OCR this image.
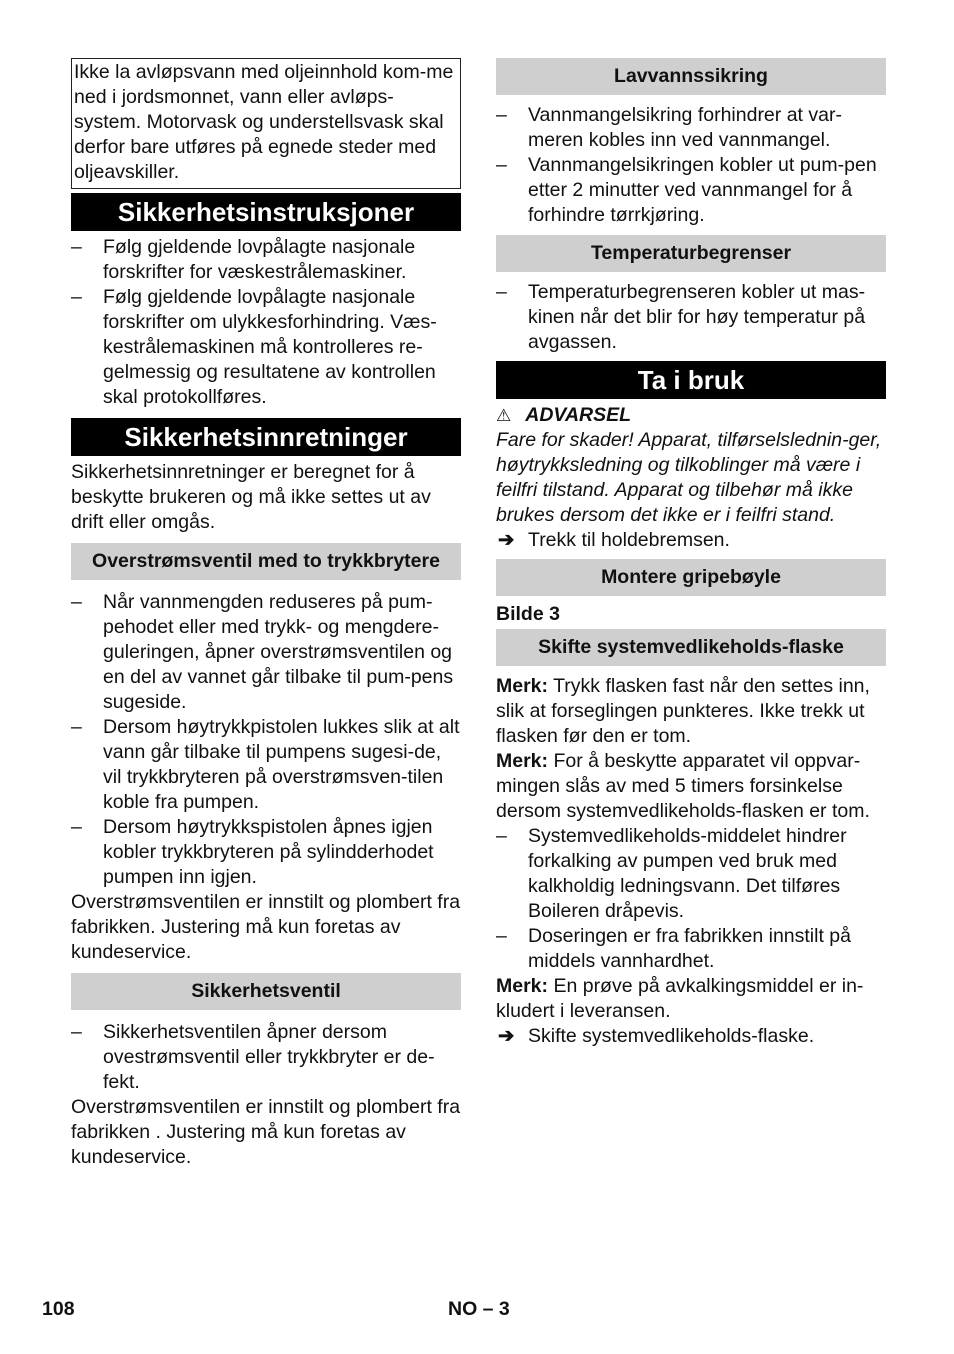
Ikke la avløpsvann med oljeinnhold kom-me ned i jordsmonnet, vann eller avløps-system. Motorvask og understellsvask skal derfor bare utføres på egnede steder med oljeavskiller.

Sikkerhetsinstruksjoner
– Følg gjeldende lovpålagte nasjonale forskrifter for væskestrålemaskiner.
– Følg gjeldende lovpålagte nasjonale forskrifter om ulykkesforhindring. Væs-kestrålemaskinen må kontrolleres re-gelmessig og resultatene av kontrollen skal protokollføres.
Sikkerhetsinnretninger

Sikkerhetsinnretninger er beregnet for å beskytte brukeren og må ikke settes ut av drift eller omgås.

Overstrømsventil med to trykkbrytere
– Når vannmengden reduseres på pum-pehodet eller med trykk- og mengdere-guleringen, åpner overstrømsventilen og en del av vannet går tilbake til pum-pens sugeside.
– Dersom høytrykkpistolen lukkes slik at alt vann går tilbake til pumpens sugesi-de, vil trykkbryteren på overstrømsven-tilen koble fra pumpen.
– Dersom høytrykkspistolen åpnes igjen kobler trykkbryteren på sylindderhodet pumpen inn igjen.

Overstrømsventilen er innstilt og plombert fra fabrikken. Justering må kun foretas av kundeservice.

Sikkerhetsventil
– Sikkerhetsventilen åpner dersom ovestrømsventil eller trykkbryter er de-fekt.

Overstrømsventilen er innstilt og plombert fra fabrikken . Justering må kun foretas av kundeservice.

Lavvannssikring
– Vannmangelsikring forhindrer at var-meren kobles inn ved vannmangel.
– Vannmangelsikringen kobler ut pum-pen etter 2 minutter ved vannmangel for å forhindre tørrkjøring.
Temperaturbegrenser
– Temperaturbegrenseren kobler ut mas-kinen når det blir for høy temperatur på avgassen.
Ta i bruk
⚠ ADVARSEL

Fare for skader! Apparat, tilførselslednin-ger, høytrykksledning og tilkoblinger må være i feilfri tilstand. Apparat og tilbehør må ikke brukes dersom det ikke er i feilfri stand.

➔ Trekk til holdebremsen.
Montere gripebøyle

Bilde 3

Skifte systemvedlikeholds-flaske

Merk: Trykk flasken fast når den settes inn, slik at forseglingen punkteres. Ikke trekk ut flasken før den er tom.

Merk: For å beskytte apparatet vil oppvar-mingen slås av med 5 timers forsinkelse dersom systemvedlikeholds-flasken er tom.

– Systemvedlikeholds-middelet hindrer forkalking av pumpen ved bruk med kalkholdig ledningsvann. Det tilføres Boileren dråpevis.
– Doseringen er fra fabrikken innstilt på middels vannhardhet.

Merk: En prøve på avkalkingsmiddel er in-kludert i leveransen.

➔ Skifte systemvedlikeholds-flaske.
108	NO – 3
